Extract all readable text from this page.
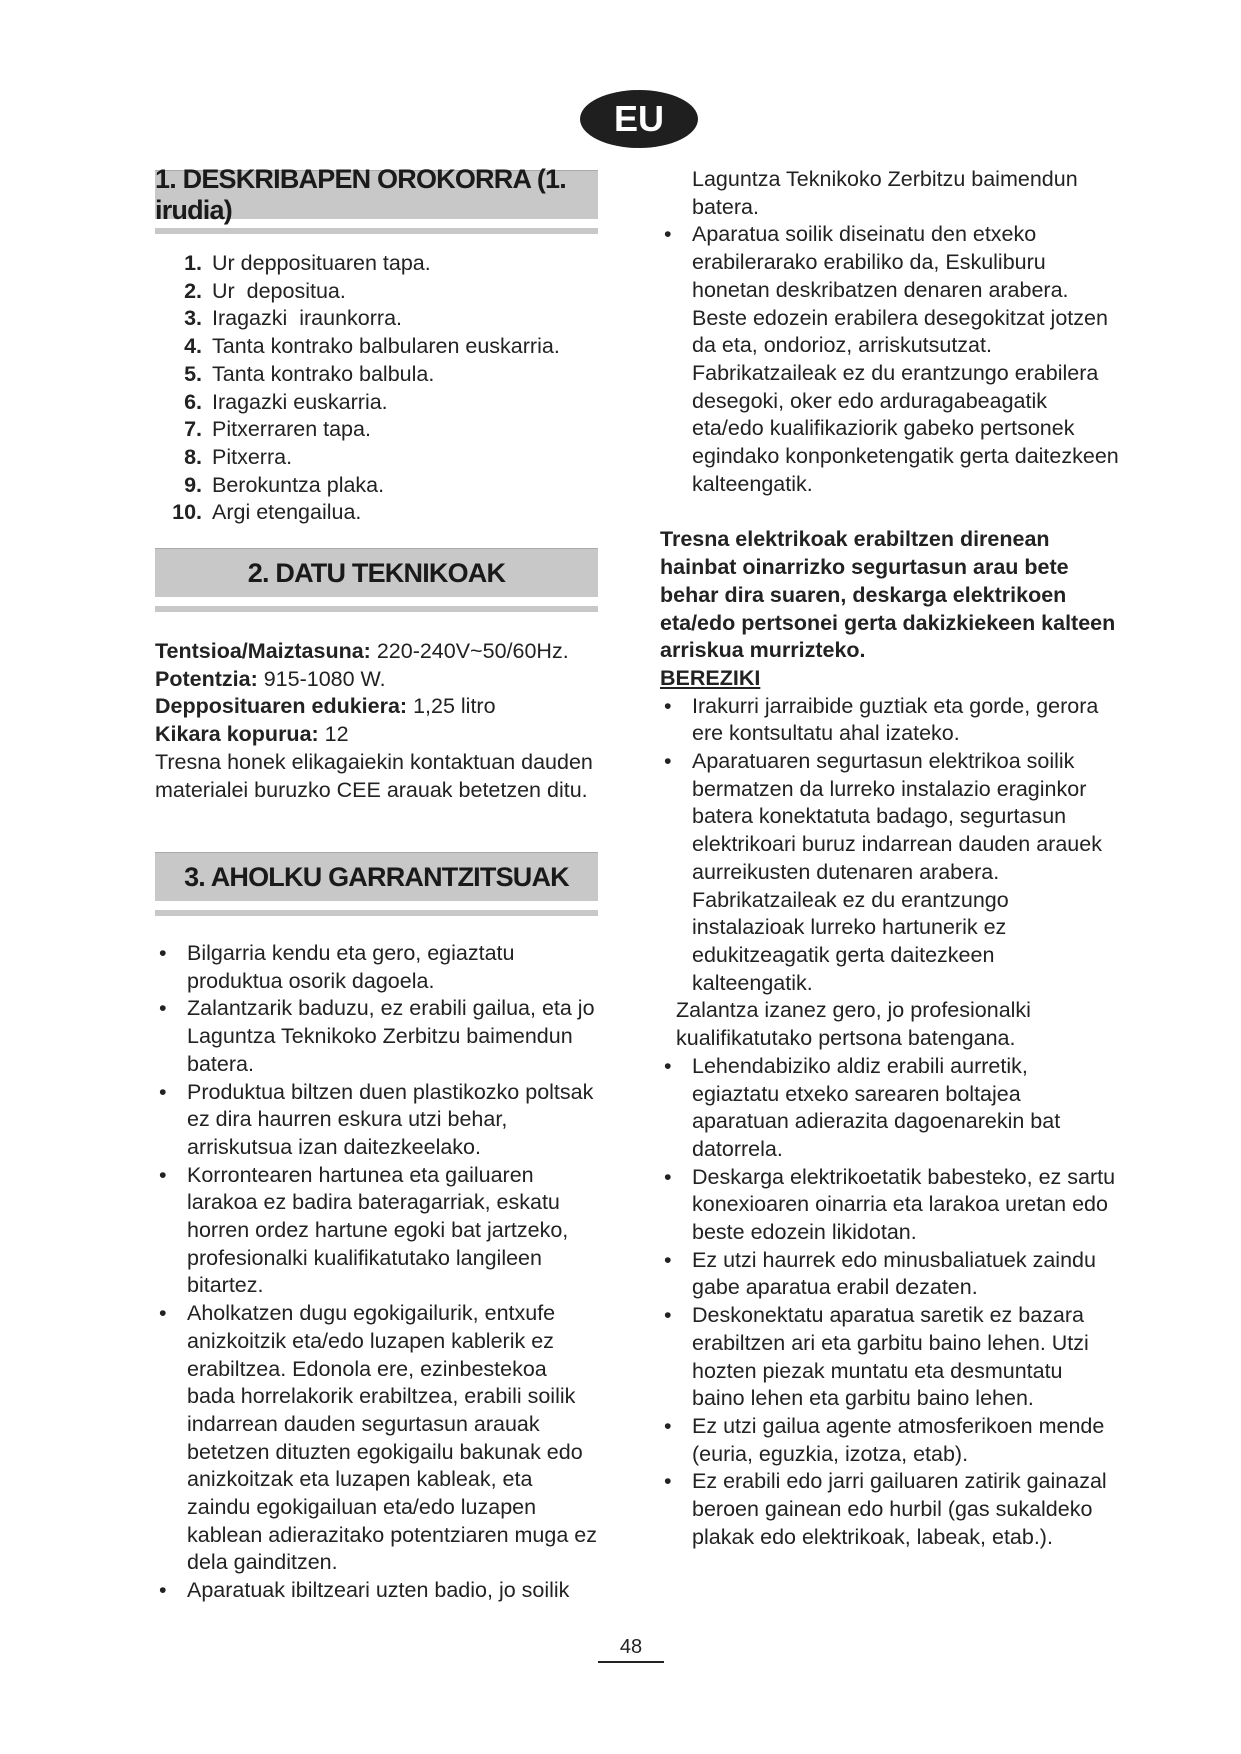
EU
1. DESKRIBAPEN OROKORRA (1. irudia)
1. Ur depposituaren tapa.
2. Ur  depositua.
3. Iragazki  iraunkorra.
4. Tanta kontrako balbularen euskarria.
5. Tanta kontrako balbula.
6. Iragazki euskarria.
7. Pitxerraren tapa.
8. Pitxerra.
9. Berokuntza plaka.
10. Argi etengailua.
2. DATU TEKNIKOAK

Tentsioa/Maiztasuna: 220-240V~50/60Hz.

Potentzia: 915-1080 W.

Depposituaren edukiera: 1,25 litro

Kikara kopurua: 12

Tresna honek elikagaiekin kontaktuan dauden materialei buruzko CEE arauak betetzen ditu.

3. AHOLKU GARRANTZITSUAK
• Bilgarria kendu eta gero, egiaztatu produktua osorik dagoela.
• Zalantzarik baduzu, ez erabili gailua, eta jo Laguntza Teknikoko Zerbitzu baimendun batera.
• Produktua biltzen duen plastikozko poltsak ez dira haurren eskura utzi behar, arriskutsua izan daitezkeelako.
• Korrontearen hartunea eta gailuaren larakoa ez badira bateragarriak, eskatu horren ordez hartune egoki bat jartzeko, profesionalki kualifikatutako langileen bitartez.
• Aholkatzen dugu egokigailurik, entxufe anizkoitzik eta/edo luzapen kablerik ez erabiltzea. Edonola ere, ezinbestekoa bada horrelakorik erabiltzea, erabili soilik indarrean dauden segurtasun arauak betetzen dituzten egokigailu bakunak edo anizkoitzak eta luzapen kableak, eta zaindu egokigailuan eta/edo luzapen kablean adierazitako potentziaren muga ez dela gainditzen.
• Aparatuak ibiltzeari uzten badio, jo soilik
Laguntza Teknikoko Zerbitzu baimendun batera.
• Aparatua soilik diseinatu den etxeko erabilerarako erabiliko da, Eskuliburu honetan deskribatzen denaren arabera. Beste edozein erabilera desegokitzat jotzen da eta, ondorioz, arriskutsutzat. Fabrikatzaileak ez du erantzungo erabilera desegoki, oker edo arduragabeagatik eta/edo kualifikaziorik gabeko pertsonek egindako konponketengatik gerta daitezkeen kalteengatik.
Tresna elektrikoak erabiltzen direnean hainbat oinarrizko segurtasun arau bete behar dira suaren, deskarga elektrikoen eta/edo pertsonei gerta dakizkiekeen kalteen arriskua murrizteko.
BEREZIKI
• Irakurri jarraibide guztiak eta gorde, gerora ere kontsultatu ahal izateko.
• Aparatuaren segurtasun elektrikoa soilik bermatzen da lurreko instalazio eraginkor batera konektatuta badago, segurtasun elektrikoari buruz indarrean dauden arauek aurreikusten dutenaren arabera. Fabrikatzaileak ez du erantzungo instalazioak lurreko hartunerik ez edukitzeagatik gerta daitezkeen kalteengatik.
Zalantza izanez gero, jo profesionalki kualifikatutako pertsona batengana.
• Lehendabiziko aldiz erabili aurretik, egiaztatu etxeko sarearen boltajea aparatuan adierazita dagoenarekin bat datorrela.
• Deskarga elektrikoetatik babesteko, ez sartu konexioaren oinarria eta larakoa uretan edo beste edozein likidotan.
• Ez utzi haurrek edo minusbaliatuek zaindu gabe aparatua erabil dezaten.
• Deskonektatu aparatua saretik ez bazara erabiltzen ari eta garbitu baino lehen. Utzi hozten piezak muntatu eta desmuntatu baino lehen eta garbitu baino lehen.
• Ez utzi gailua agente atmosferikoen mende (euria, eguzkia, izotza, etab).
• Ez erabili edo jarri gailuaren zatirik gainazal beroen gainean edo hurbil (gas sukaldeko plakak edo elektrikoak, labeak, etab.).
48
